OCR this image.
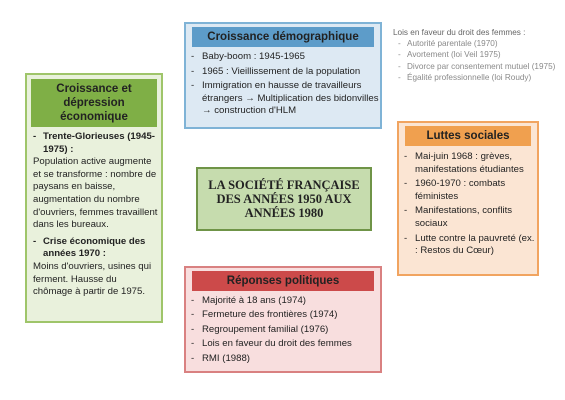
Croissance démographique
- Baby-boom : 1945-1965
- 1965 : Vieillissement de la population
- Immigration en hausse de travailleurs étrangers → Multiplication des bidonvilles → construction d'HLM
Croissance et dépression économique
- Trente-Glorieuses (1945-1975) :
Population active augmente et se transforme : nombre de paysans en baisse, augmentation du nombre d'ouvriers, femmes travaillent dans les bureaux.
- Crise économique des années 1970 :
Moins d'ouvriers, usines qui ferment. Hausse du chômage à partir de 1975.
LA SOCIÉTÉ FRANÇAISE DES ANNÉES 1950 AUX ANNÉES 1980
Lois en faveur du droit des femmes :
- Autorité parentale (1970)
- Avortement (loi Veil 1975)
- Divorce par consentement mutuel (1975)
- Égalité professionnelle (loi Roudy)
Luttes sociales
- Mai-juin 1968 : grèves, manifestations étudiantes
- 1960-1970 : combats féministes
- Manifestations, conflits sociaux
- Lutte contre la pauvreté (ex. : Restos du Cœur)
Réponses politiques
- Majorité à 18 ans (1974)
- Fermeture des frontières (1974)
- Regroupement familial (1976)
- Lois en faveur du droit des femmes
- RMI (1988)
